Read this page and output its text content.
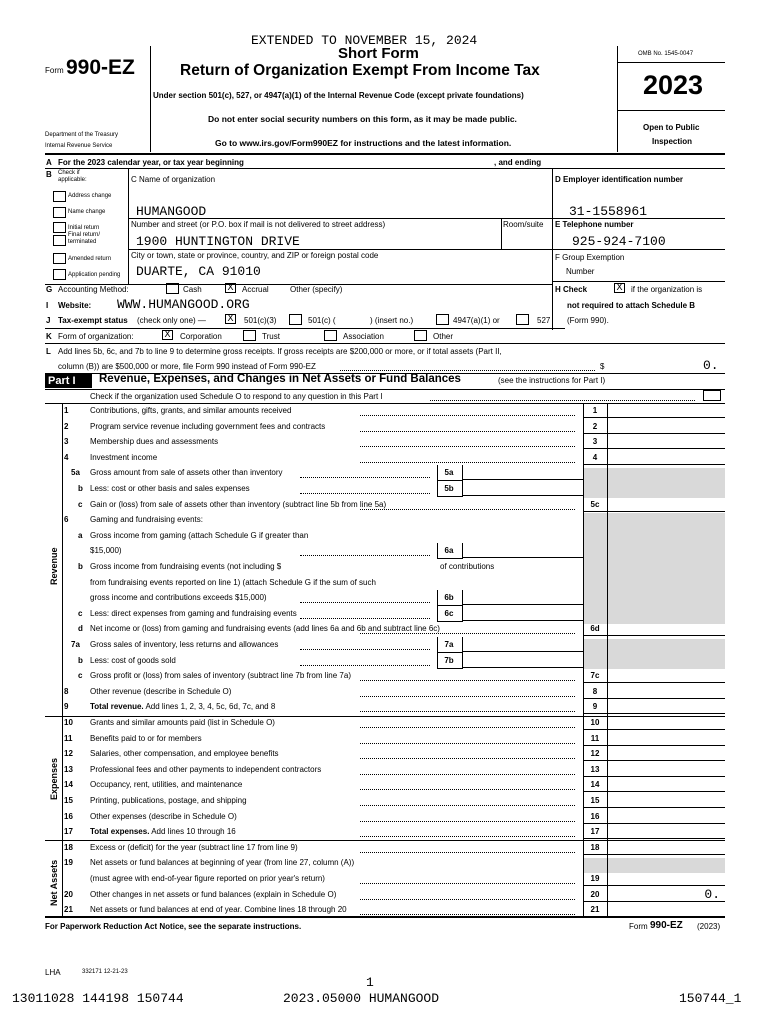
EXTENDED TO NOVEMBER 15, 2024
Form 990-EZ
Short Form
Return of Organization Exempt From Income Tax
Under section 501(c), 527, or 4947(a)(1) of the Internal Revenue Code (except private foundations)
Do not enter social security numbers on this form, as it may be made public.
Go to www.irs.gov/Form990EZ for instructions and the latest information.
Department of the Treasury
Internal Revenue Service
OMB No. 1545-0047
2023
Open to Public
Inspection
A For the 2023 calendar year, or tax year beginning	, and ending
B Check if
applicable:
Address change
Name change
Initial return
Final return/
terminated
Amended return
Application pending
C Name of organization
HUMANGOOD
Number and street (or P.O. box if mail is not delivered to street address)	Room/suite
1900 HUNTINGTON DRIVE
City or town, state or province, country, and ZIP or foreign postal code
DUARTE, CA 91010
D Employer identification number
31-1558961
E Telephone number
925-924-7100
F Group Exemption
Number
H Check	X	if the organization is
not required to attach Schedule B
(Form 990).
G Accounting Method:	Cash	X	Accrual	Other (specify)
I Website: WWW.HUMANGOOD.ORG
J Tax-exempt status (check only one) — X	501(c)(3)	501(c) (	) (insert no.)	4947(a)(1) or	527
K Form of organization:	X	Corporation	Trust	Association	Other
L Add lines 5b, 6c, and 7b to line 9 to determine gross receipts. If gross receipts are $200,000 or more, or if total assets (Part II,
column (B)) are $500,000 or more, file Form 990 instead of Form 990-EZ	$	0.
Part I Revenue, Expenses, and Changes in Net Assets or Fund Balances	(see the instructions for Part I)
Check if the organization used Schedule O to respond to any question in this Part I
Revenue
Expenses
Net Assets
1	Contributions, gifts, grants, and similar amounts received	1
2	Program service revenue including government fees and contracts	2
3	Membership dues and assessments	3
4	Investment income	4
5a Gross amount from sale of assets other than inventory	5a
b Less: cost or other basis and sales expenses	5b
c Gain or (loss) from sale of assets other than inventory (subtract line 5b from line 5a)	5c
6	Gaming and fundraising events:
a Gross income from gaming (attach Schedule G if greater than
$15,000)	6a
b Gross income from fundraising events (not including $	of contributions
from fundraising events reported on line 1) (attach Schedule G if the sum of such
gross income and contributions exceeds $15,000)	6b
c Less: direct expenses from gaming and fundraising events	6c
d Net income or (loss) from gaming and fundraising events (add lines 6a and 6b and subtract line 6c)	6d
7a Gross sales of inventory, less returns and allowances	7a
b Less: cost of goods sold	7b
c Gross profit or (loss) from sales of inventory (subtract line 7b from line 7a)	7c
8	Other revenue (describe in Schedule O)	8
9	Total revenue. Add lines 1, 2, 3, 4, 5c, 6d, 7c, and 8	9
10 Grants and similar amounts paid (list in Schedule O)	10
11 Benefits paid to or for members	11
12 Salaries, other compensation, and employee benefits	12
13 Professional fees and other payments to independent contractors	13
14 Occupancy, rent, utilities, and maintenance	14
15 Printing, publications, postage, and shipping	15
16 Other expenses (describe in Schedule O)	16
17 Total expenses. Add lines 10 through 16	17
18 Excess or (deficit) for the year (subtract line 17 from line 9)	18
19 Net assets or fund balances at beginning of year (from line 27, column (A))
(must agree with end-of-year figure reported on prior year's return)	19
20 Other changes in net assets or fund balances (explain in Schedule O)	20	0.
21 Net assets or fund balances at end of year. Combine lines 18 through 20	21
For Paperwork Reduction Act Notice, see the separate instructions.	Form 990-EZ (2023)
LHA	332171 12-21-23
1
13011028 144198 150744	2023.05000 HUMANGOOD	150744_1
